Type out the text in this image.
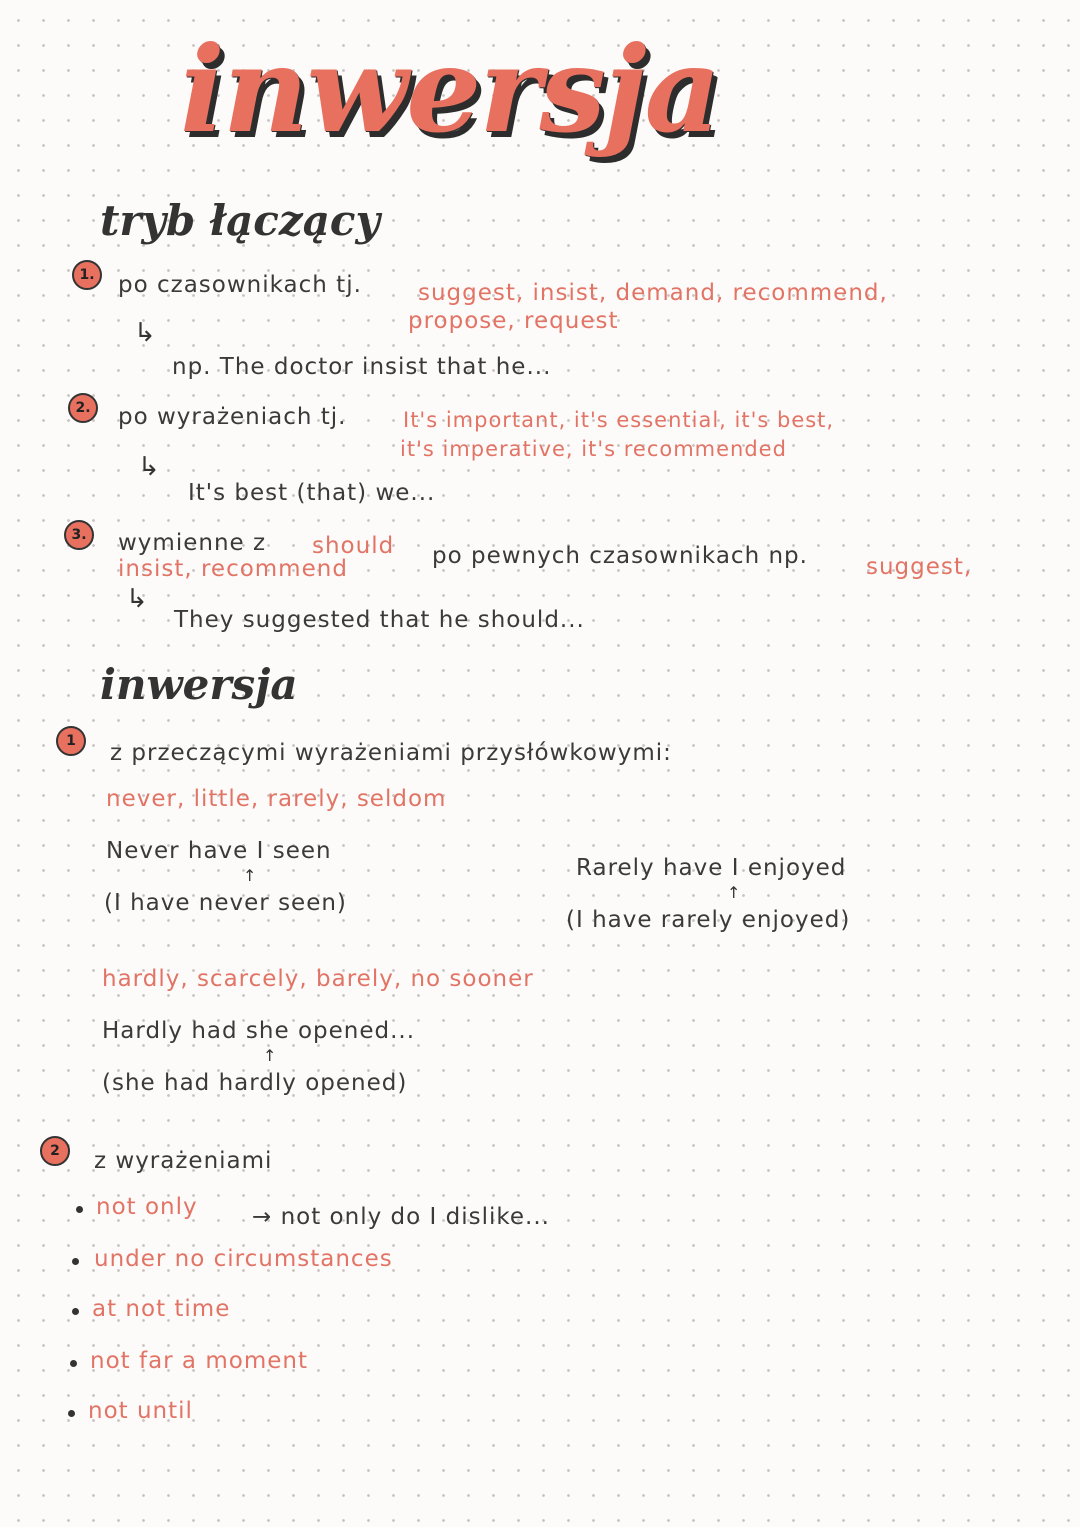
inwersja
tryb łączący
1.	po czasownikach tj. suggest, insist, demand, recommend,
propose, request
↳
np. The doctor insist that he...
2.	po wyrażeniach tj.	It's important, it's essential, it's best,
it's imperative, it's recommended
↳
It's best (that) we...
3.	wymienne z should po pewnych czasownikach np.	suggest,
insist, recommend
↳
They suggested that he should...
inwersja
1	z przeczącymi wyrażeniami przysłówkowymi:
never, little, rarely, seldom
Never have I seen
↑
(I have never seen)
Rarely have I enjoyed
↑
(I have rarely enjoyed)
hardly, scarcely, barely, no sooner
Hardly had she opened...
↑
(she had hardly opened)
2	z wyrażeniami
not only → not only do I dislike...
under no circumstances
at not time
not far a moment
not until
